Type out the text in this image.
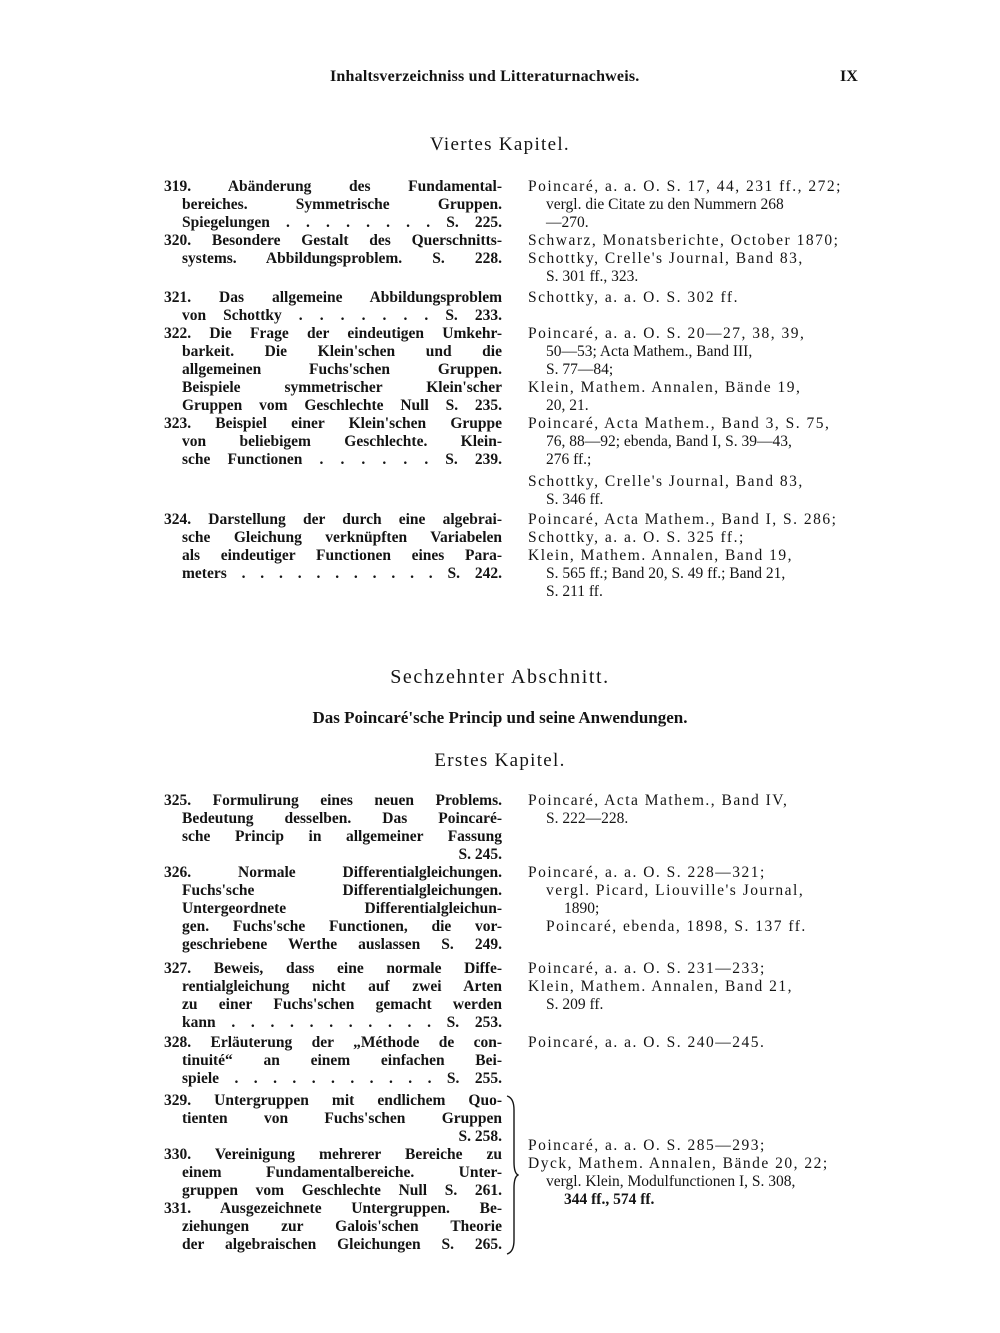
Inhaltsverzeichniss und Litteraturnachweis.	IX
Viertes Kapitel.
319. Abänderung des Fundamental-
bereiches. Symmetrische Gruppen.
Spiegelungen . . . . . . . . S. 225.
320. Besondere Gestalt des Querschnitts-
systems. Abbildungsproblem. S. 228.
321. Das allgemeine Abbildungsproblem
von Schottky . . . . . . . S. 233.
322. Die Frage der eindeutigen Umkehr-
barkeit. Die Klein'schen und die
allgemeinen Fuchs'schen Gruppen.
Beispiele symmetrischer Klein'scher
Gruppen vom Geschlechte Null S. 235.
323. Beispiel einer Klein'schen Gruppe
von beliebigem Geschlechte. Klein-
sche Functionen . . . . . . S. 239.
324. Darstellung der durch eine algebrai-
sche Gleichung verknüpften Variabelen
als eindeutiger Functionen eines Para-
meters . . . . . . . . . . . S. 242.
Poincaré, a. a. O. S. 17, 44, 231 ff., 272;
vergl. die Citate zu den Nummern 268
—270.
Schwarz, Monatsberichte, October 1870;
Schottky, Crelle's Journal, Band 83,
S. 301 ff., 323.
Schottky, a. a. O. S. 302 ff.
Poincaré, a. a. O. S. 20—27, 38, 39,
50—53; Acta Mathem., Band III,
S. 77—84;
Klein, Mathem. Annalen, Bände 19,
20, 21.
Poincaré, Acta Mathem., Band 3, S. 75,
76, 88—92; ebenda, Band I, S. 39—43,
276 ff.;
Schottky, Crelle's Journal, Band 83,
S. 346 ff.
Poincaré, Acta Mathem., Band I, S. 286;
Schottky, a. a. O. S. 325 ff.;
Klein, Mathem. Annalen, Band 19,
S. 565 ff.; Band 20, S. 49 ff.; Band 21,
S. 211 ff.
Sechzehnter Abschnitt.
Das Poincaré'sche Princip und seine Anwendungen.
Erstes Kapitel.
325. Formulirung eines neuen Problems.
Bedeutung desselben. Das Poincaré-
sche Princip in allgemeiner Fassung
S. 245.
326. Normale Differentialgleichungen.
Fuchs'sche Differentialgleichungen.
Untergeordnete Differentialgleichun-
gen. Fuchs'sche Functionen, die vor-
geschriebene Werthe auslassen S. 249.
327. Beweis, dass eine normale Diffe-
rentialgleichung nicht auf zwei Arten
zu einer Fuchs'schen gemacht werden
kann . . . . . . . . . . . S. 253.
328. Erläuterung der „Méthode de con-
tinuité“ an einem einfachen Bei-
spiele . . . . . . . . . . . S. 255.
329. Untergruppen mit endlichem Quo-
tienten von Fuchs'schen Gruppen
S. 258.
330. Vereinigung mehrerer Bereiche zu
einem Fundamentalbereiche. Unter-
gruppen vom Geschlechte Null S. 261.
331. Ausgezeichnete Untergruppen. Be-
ziehungen zur Galois'schen Theorie
der algebraischen Gleichungen S. 265.
Poincaré, Acta Mathem., Band IV,
S. 222—228.
Poincaré, a. a. O. S. 228—321;
vergl. Picard, Liouville's Journal,
1890;
Poincaré, ebenda, 1898, S. 137 ff.
Poincaré, a. a. O. S. 231—233;
Klein, Mathem. Annalen, Band 21,
S. 209 ff.
Poincaré, a. a. O. S. 240—245.
Poincaré, a. a. O. S. 285—293;
Dyck, Mathem. Annalen, Bände 20, 22;
vergl. Klein, Modulfunctionen I, S. 308,
344 ff., 574 ff.
